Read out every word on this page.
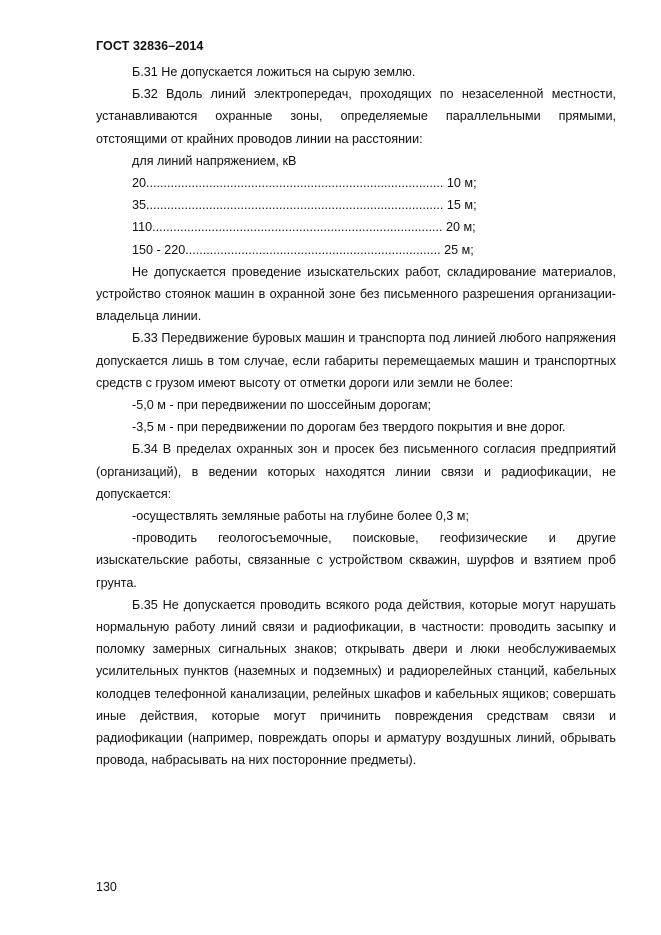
ГОСТ 32836–2014

Б.31 Не допускается ложиться на сырую землю.

Б.32 Вдоль линий электропередач, проходящих по незаселенной местности, устанавливаются охранные зоны, определяемые параллельными прямыми, отстоящими от крайних проводов линии на расстоянии:

для линий напряжением, кВ

20..................................................................................... 10 м;

35..................................................................................... 15 м;

110................................................................................... 20 м;

150 - 220......................................................................... 25 м;

Не допускается проведение изыскательских работ, складирование материалов, устройство стоянок машин в охранной зоне без письменного разрешения организации-владельца линии.

Б.33 Передвижение буровых машин и транспорта под линией любого напряжения допускается лишь в том случае, если габариты перемещаемых машин и транспортных средств с грузом имеют высоту от отметки дороги или земли не более:

-5,0 м - при передвижении по шоссейным дорогам;

-3,5 м - при передвижении по дорогам без твердого покрытия и вне дорог.

Б.34 В пределах охранных зон и просек без письменного согласия предприятий (организаций), в ведении которых находятся линии связи и радиофикации, не допускается:

-осуществлять земляные работы на глубине более 0,3 м;

-проводить геологосъемочные, поисковые, геофизические и другие изыскательские работы, связанные с устройством скважин, шурфов и взятием проб грунта.

Б.35 Не допускается проводить всякого рода действия, которые могут нарушать нормальную работу линий связи и радиофикации, в частности: проводить засыпку и поломку замерных сигнальных знаков; открывать двери и люки необслуживаемых усилительных пунктов (наземных и подземных) и радиорелейных станций, кабельных колодцев телефонной канализации, релейных шкафов и кабельных ящиков; совершать иные действия, которые могут причинить повреждения средствам связи и радиофикации (например, повреждать опоры и арматуру воздушных линий, обрывать провода, набрасывать на них посторонние предметы).

130
